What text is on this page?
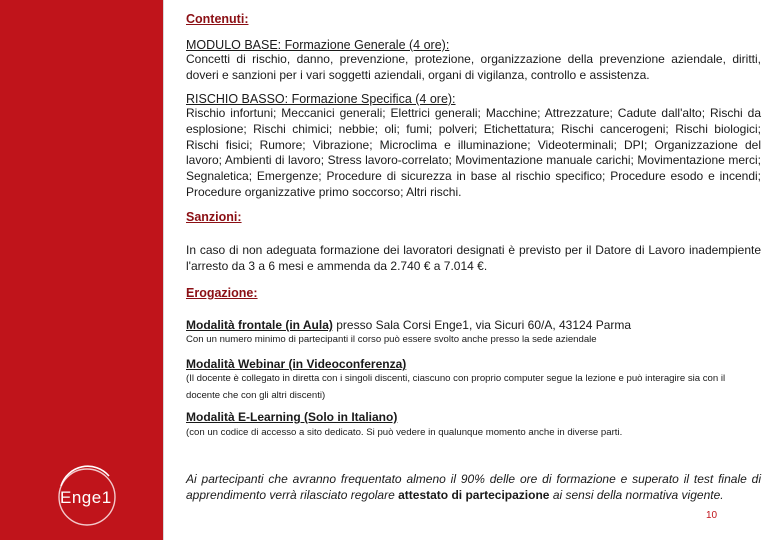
Enge1
Contenuti:
MODULO BASE: Formazione Generale (4 ore):
Concetti di rischio, danno, prevenzione, protezione, organizzazione della prevenzione aziendale, diritti, doveri e sanzioni per i vari soggetti aziendali, organi di vigilanza, controllo e assistenza.
RISCHIO BASSO: Formazione Specifica (4 ore):
Rischio infortuni; Meccanici generali; Elettrici generali; Macchine; Attrezzature; Cadute dall'alto; Rischi da esplosione; Rischi chimici; nebbie; oli; fumi; polveri; Etichettatura; Rischi cancerogeni; Rischi biologici; Rischi fisici; Rumore; Vibrazione; Microclima e illuminazione; Videoterminali; DPI; Organizzazione del lavoro; Ambienti di lavoro; Stress lavoro-correlato; Movimentazione manuale carichi; Movimentazione merci; Segnaletica; Emergenze; Procedure di sicurezza in base al rischio specifico; Procedure esodo e incendi; Procedure organizzative primo soccorso; Altri rischi.
Sanzioni:
In caso di non adeguata formazione dei lavoratori designati è previsto per il Datore di Lavoro inadempiente l'arresto da 3 a 6 mesi e ammenda da 2.740 € a 7.014 €.
Erogazione:
Modalità frontale (in Aula) presso Sala Corsi Enge1, via Sicuri 60/A, 43124 Parma
Con un numero minimo di partecipanti il corso può essere svolto anche presso la sede aziendale
Modalità Webinar (in Videoconferenza)
(Il docente è collegato in diretta con i singoli discenti, ciascuno con proprio computer segue la lezione e può interagire sia con il docente che con gli altri discenti)
Modalità E-Learning (Solo in Italiano)
(con un codice di accesso a sito dedicato. Si può vedere in qualunque momento anche in diverse parti.
Ai partecipanti che avranno frequentato almeno il 90% delle ore di formazione e superato il test finale di apprendimento verrà rilasciato regolare attestato di partecipazione ai sensi della normativa vigente.
10
